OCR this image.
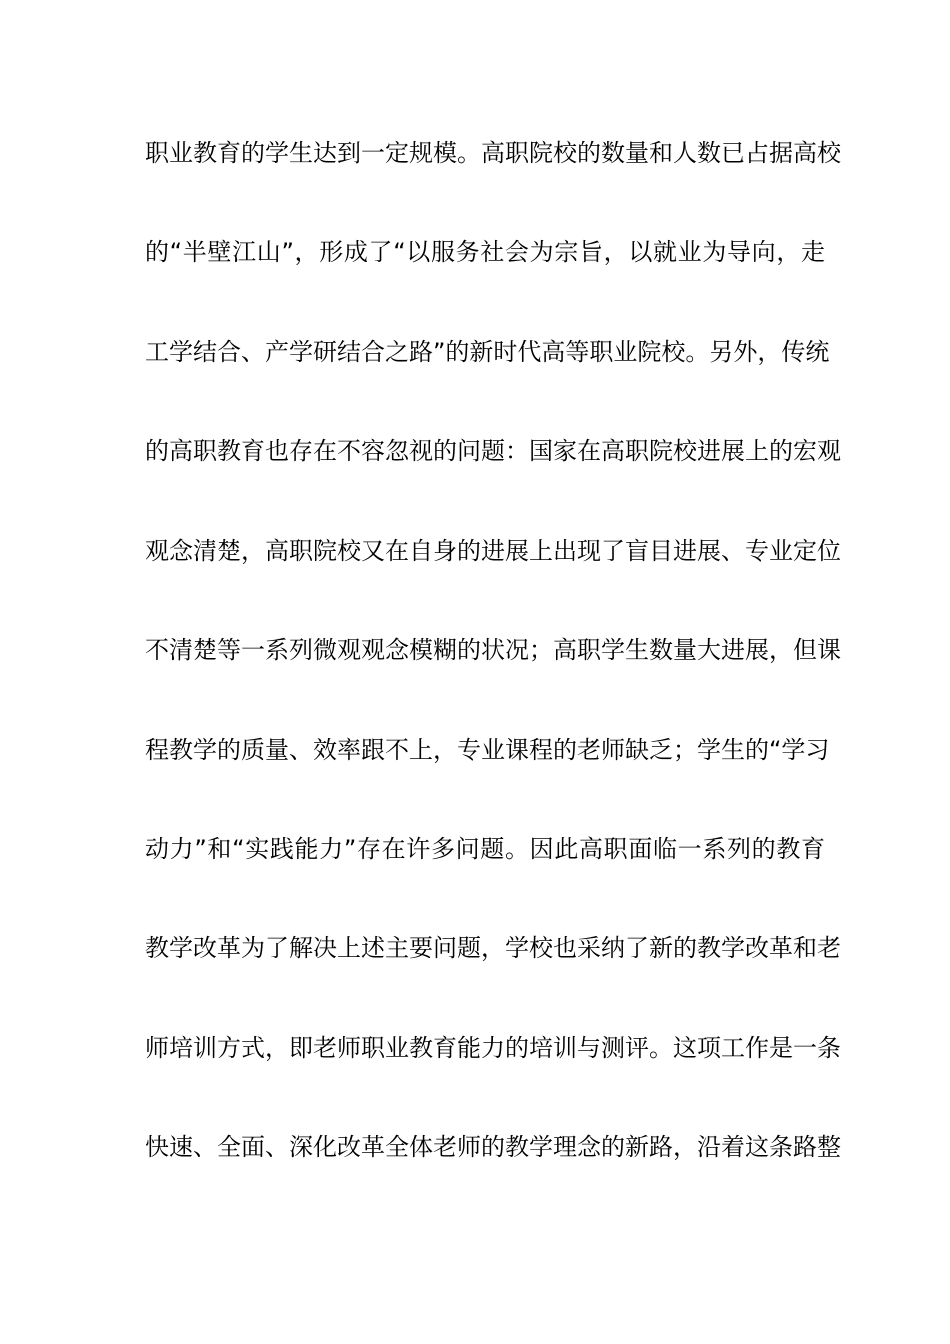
职业教育的学生达到一定规模。高职院校的数量和人数已占据高校
的“半壁江山”，形成了“以服务社会为宗旨，以就业为导向，走
工学结合、产学研结合之路”的新时代高等职业院校。另外，传统
的高职教育也存在不容忽视的问题：国家在高职院校进展上的宏观
观念清楚，高职院校又在自身的进展上出现了盲目进展、专业定位
不清楚等一系列微观观念模糊的状况；高职学生数量大进展，但课
程教学的质量、效率跟不上，专业课程的老师缺乏；学生的“学习
动力”和“实践能力”存在许多问题。因此高职面临一系列的教育
教学改革为了解决上述主要问题，学校也采纳了新的教学改革和老
师培训方式，即老师职业教育能力的培训与测评。这项工作是一条
快速、全面、深化改革全体老师的教学理念的新路，沿着这条路整
